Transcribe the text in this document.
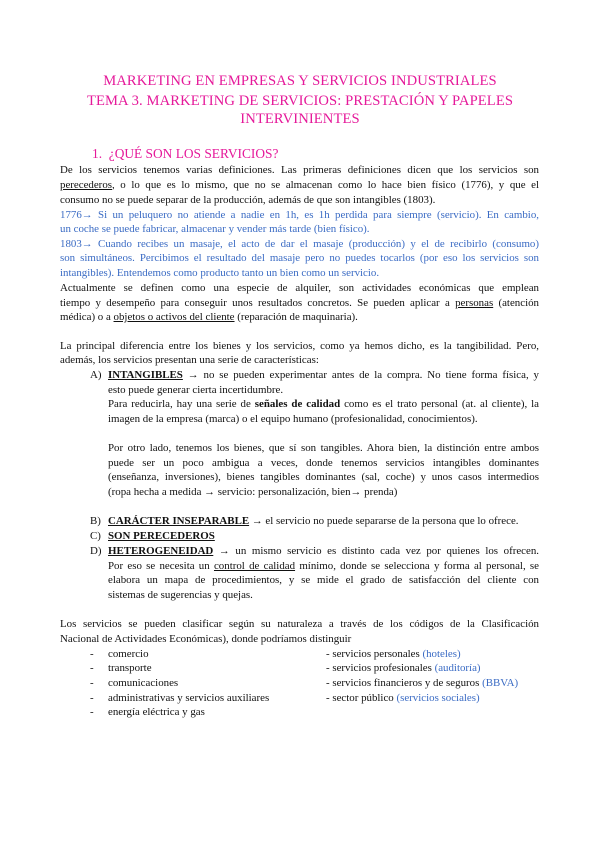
MARKETING EN EMPRESAS Y SERVICIOS INDUSTRIALES
TEMA 3. MARKETING DE SERVICIOS: PRESTACIÓN Y PAPELES
INTERVINIENTES
1. ¿QUÉ SON LOS SERVICIOS?
De los servicios tenemos varias definiciones. Las primeras definiciones dicen que los servicios son
perecederos, o lo que es lo mismo, que no se almacenan como lo hace bien físico (1776), y que el
consumo no se puede separar de la producción, además de que son intangibles (1803).
1776→ Si un peluquero no atiende a nadie en 1h, es 1h perdida para siempre (servicio). En cambio,
un coche se puede fabricar, almacenar y vender más tarde (bien físico).
1803→ Cuando recibes un masaje, el acto de dar el masaje (producción) y el de recibirlo (consumo)
son simultáneos. Percibimos el resultado del masaje pero no puedes tocarlos (por eso los servicios son
intangibles). Entendemos como producto tanto un bien como un servicio.
Actualmente se definen como una especie de alquiler, son actividades económicas que emplean
tiempo y desempeño para conseguir unos resultados concretos. Se pueden aplicar a personas (atención
médica) o a objetos o activos del cliente (reparación de maquinaria).
La principal diferencia entre los bienes y los servicios, como ya hemos dicho, es la tangibilidad. Pero,
además, los servicios presentan una serie de características:
A) INTANGIBLES → no se pueden experimentar antes de la compra. No tiene forma física, y
esto puede generar cierta incertidumbre.
Para reducirla, hay una serie de señales de calidad como es el trato personal (at. al cliente), la
imagen de la empresa (marca) o el equipo humano (profesionalidad, conocimientos).
Por otro lado, tenemos los bienes, que sí son tangibles. Ahora bien, la distinción entre ambos
puede ser un poco ambigua a veces, donde tenemos servicios intangibles dominantes
(enseñanza, inversiones), bienes tangibles dominantes (sal, coche) y unos casos intermedios
(ropa hecha a medida → servicio: personalización, bien→ prenda)
B) CARÁCTER INSEPARABLE → el servicio no puede separarse de la persona que lo ofrece.
C) SON PERECEDEROS
D) HETEROGENEIDAD → un mismo servicio es distinto cada vez por quienes los ofrecen.
Por eso se necesita un control de calidad mínimo, donde se selecciona y forma al personal, se
elabora un mapa de procedimientos, y se mide el grado de satisfacción del cliente con
sistemas de sugerencias y quejas.
Los servicios se pueden clasificar según su naturaleza a través de los códigos de la Clasificación
Nacional de Actividades Económicas), donde podríamos distinguir
- comercio
- transporte
- comunicaciones
- administrativas y servicios auxiliares
- energía eléctrica y gas
- servicios personales (hoteles)
- servicios profesionales (auditoría)
- servicios financieros y de seguros (BBVA)
- sector público (servicios sociales)
